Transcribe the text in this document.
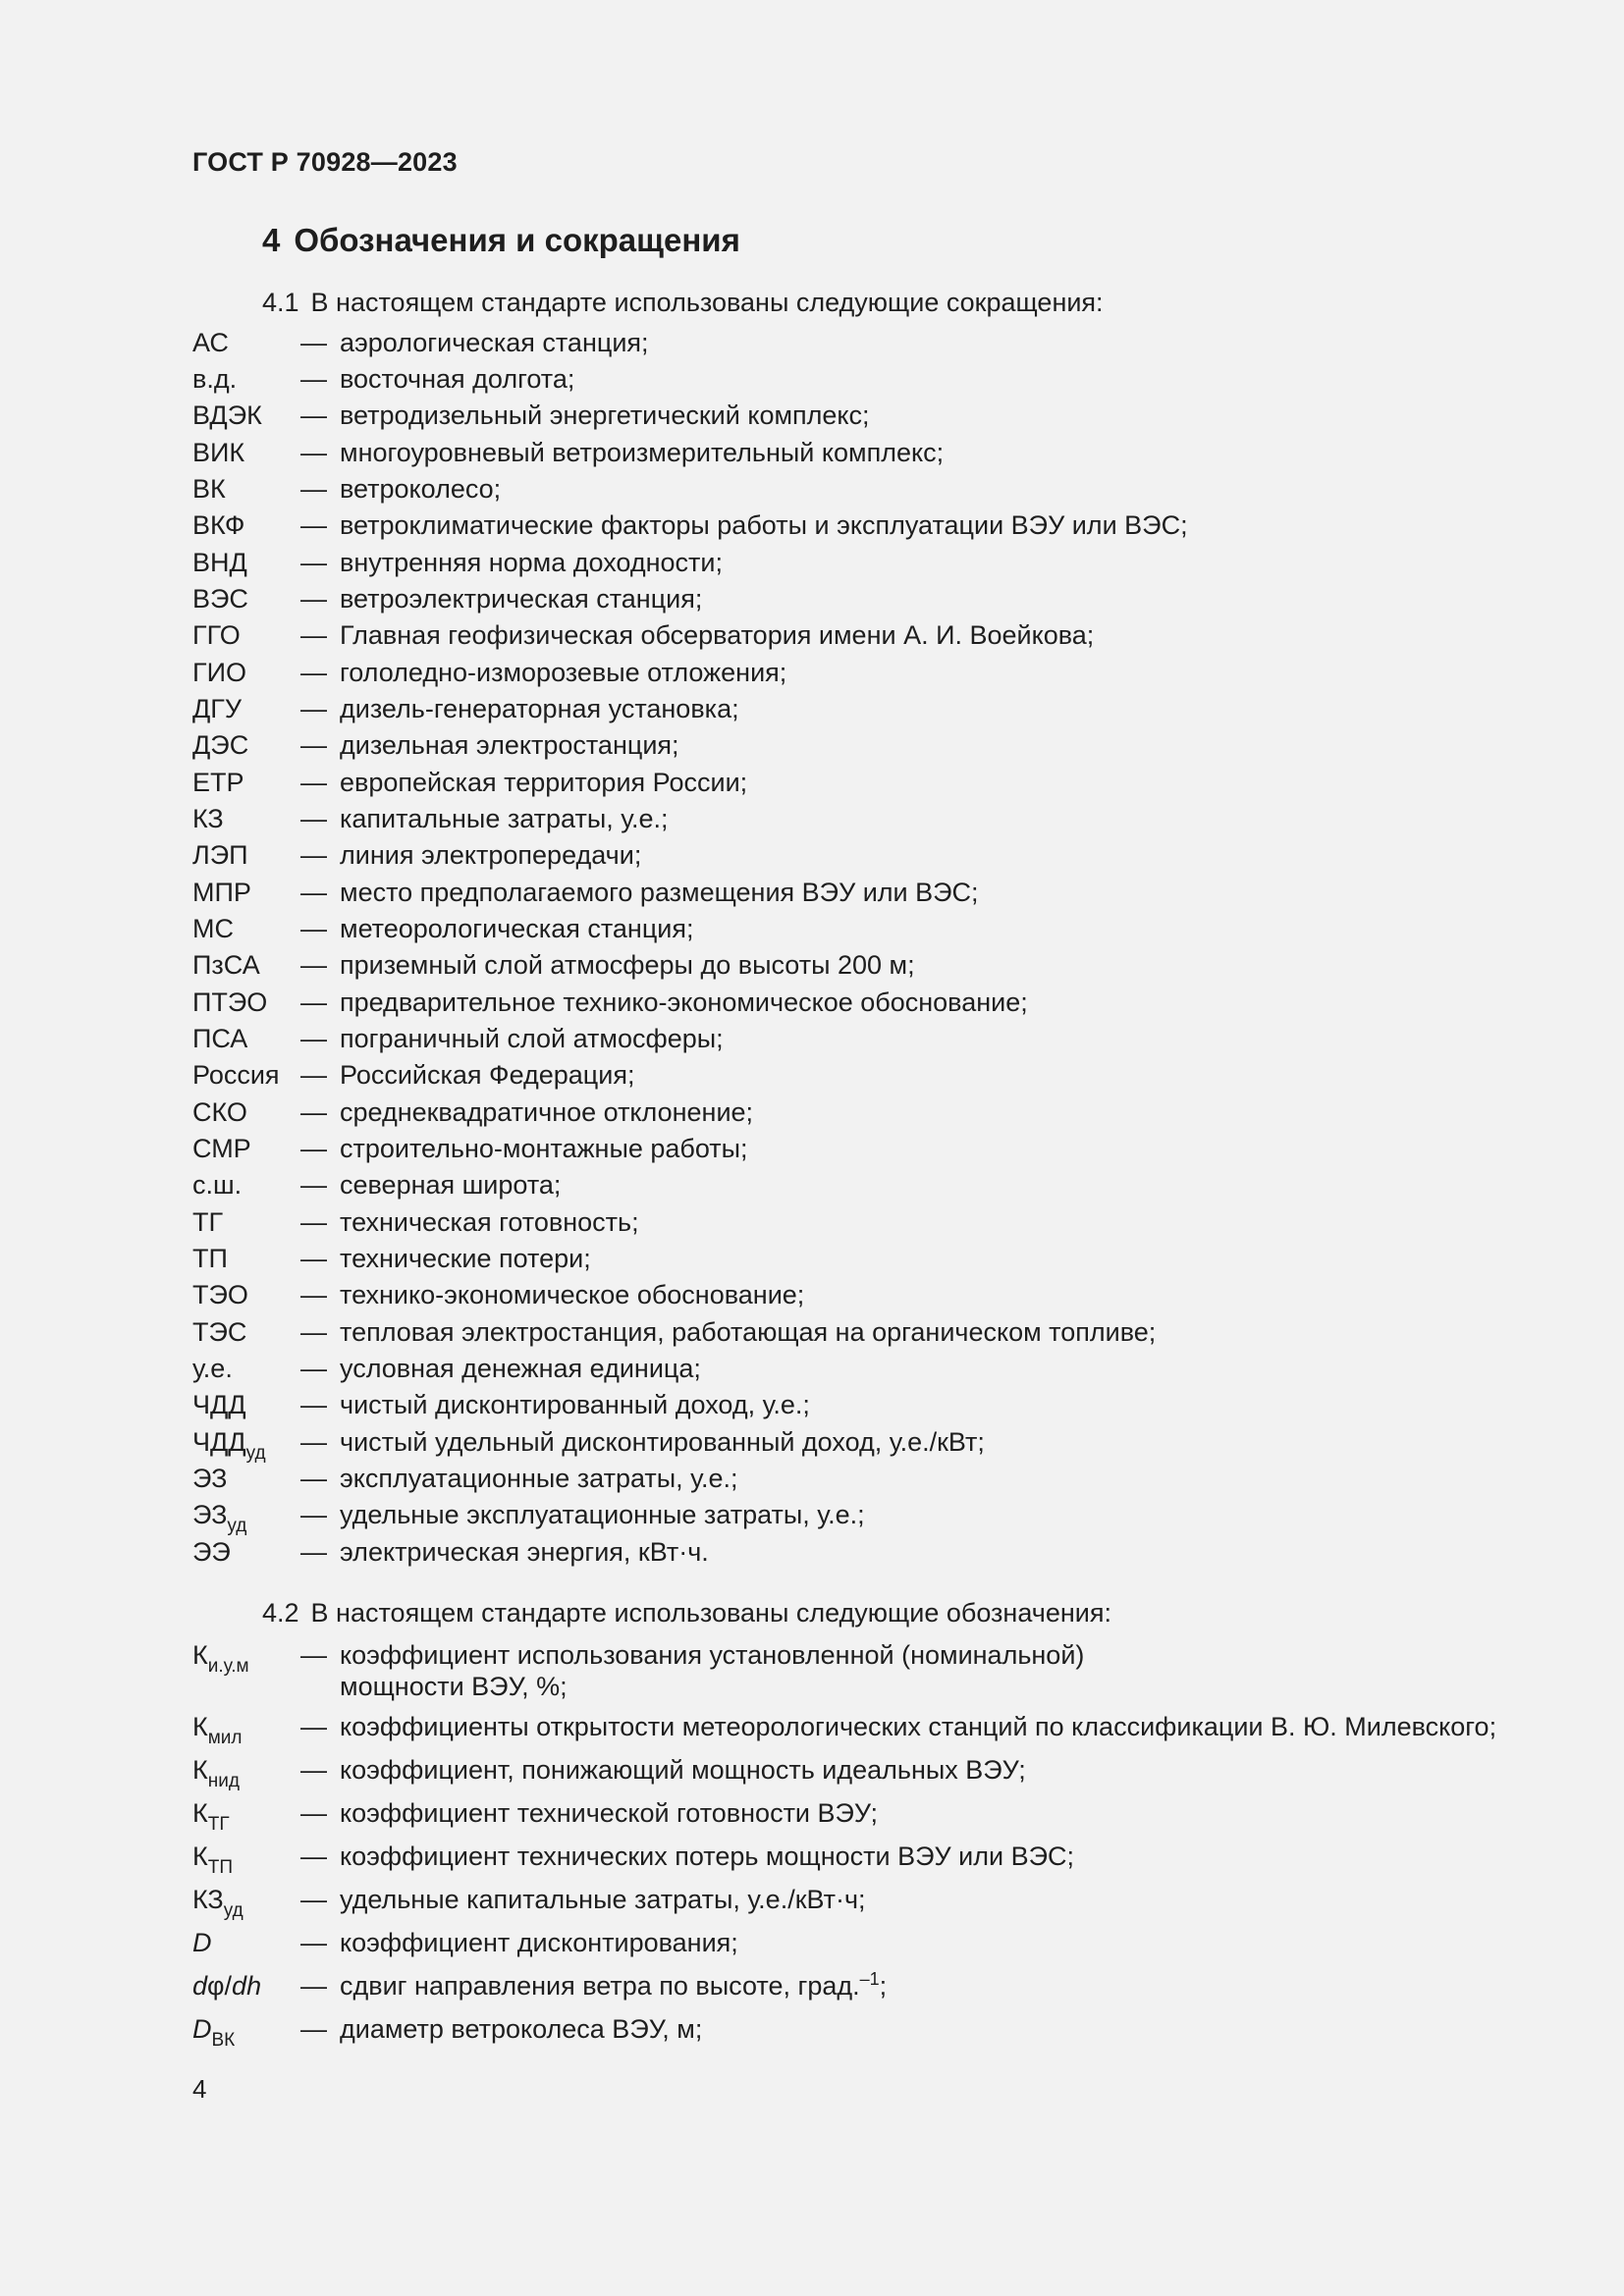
ГОСТ Р 70928—2023
4 Обозначения и сокращения
4.1 В настоящем стандарте использованы следующие сокращения:
АС	— аэрологическая станция;
в.д. — восточная долгота;
ВДЭК — ветродизельный энергетический комплекс;
ВИК — многоуровневый ветроизмерительный комплекс;
ВК	— ветроколесо;
ВКФ — ветроклиматические факторы работы и эксплуатации ВЭУ или ВЭС;
ВНД — внутренняя норма доходности;
ВЭС — ветроэлектрическая станция;
ГГО — Главная геофизическая обсерватория имени А. И. Воейкова;
ГИО — гололедно-изморозевые отложения;
ДГУ — дизель-генераторная установка;
ДЭС — дизельная электростанция;
ЕТР — европейская территория России;
КЗ	— капитальные затраты, у.е.;
ЛЭП — линия электропередачи;
МПР — место предполагаемого размещения ВЭУ или ВЭС;
МС	— метеорологическая станция;
ПзСА — приземный слой атмосферы до высоты 200 м;
ПТЭО — предварительное технико-экономическое обоснование;
ПСА — пограничный слой атмосферы;
Россия — Российская Федерация;
СКО — среднеквадратичное отклонение;
СМР — строительно-монтажные работы;
с.ш. — северная широта;
ТГ	— техническая готовность;
ТП	— технические потери;
ТЭО — технико-экономическое обоснование;
ТЭС — тепловая электростанция, работающая на органическом топливе;
у.е.	— условная денежная единица;
ЧДД — чистый дисконтированный доход, у.е.;
$ЧДД_{уд}$ — чистый удельный дисконтированный доход, у.е./кВт;
ЭЗ	— эксплуатационные затраты, у.е.;
$ЭЗ_{уд}$ — удельные эксплуатационные затраты, у.е.;
ЭЭ	— электрическая энергия, кВт·ч.
4.2 В настоящем стандарте использованы следующие обозначения:
$К_{и.у.м}$ — коэффициент использования установленной (номинальной)
мощности ВЭУ, %;
$К_{мил}$ — коэффициенты открытости метеорологических станций по классификации В. Ю. Милевского;
$К_{нид}$ — коэффициент, понижающий мощность идеальных ВЭУ;
$К_{ТГ}$	— коэффициент технической готовности ВЭУ;
$К_{ТП}$	— коэффициент технических потерь мощности ВЭУ или ВЭС;
$КЗ_{уд}$ — удельные капитальные затраты, у.е./кВт·ч;
D	— коэффициент дисконтирования;
dφ/dh — сдвиг направления ветра по высоте, град.$^{-1}$;
$D_{ВК}$ — диаметр ветроколеса ВЭУ, м;
4
